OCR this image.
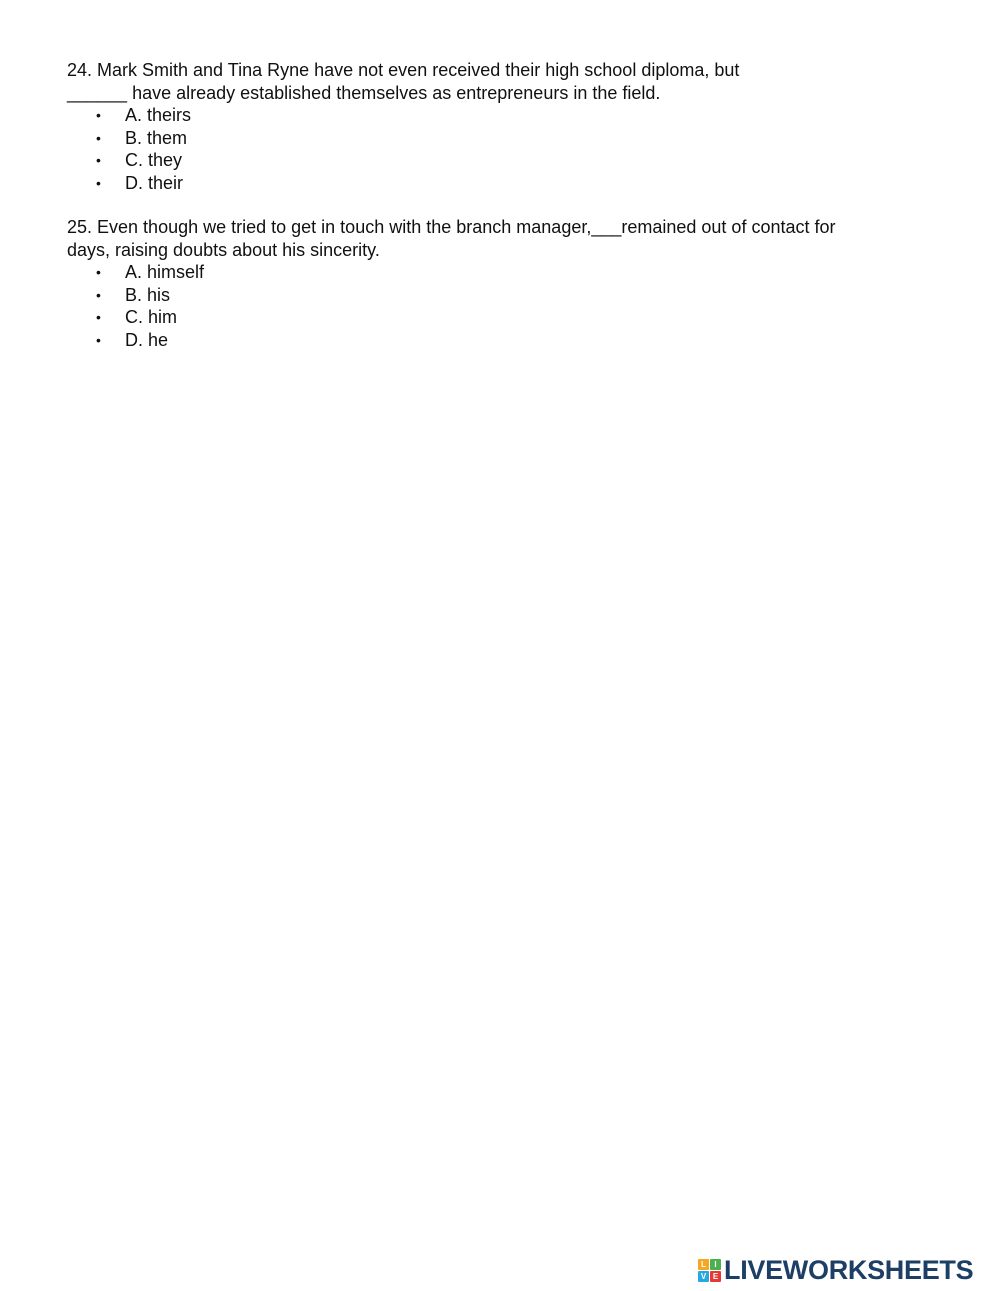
24. Mark Smith and Tina Ryne have not even received their high school diploma, but
______ have already established themselves as entrepreneurs in the field.

• A. theirs
• B. them
• C. they
• D. their

25. Even though we tried to get in touch with the branch manager,___remained out of contact for
days, raising doubts about his sincerity.

• A. himself
• B. his
• C. him
• D. he
L	I
V E LIVEWORKSHEETS
